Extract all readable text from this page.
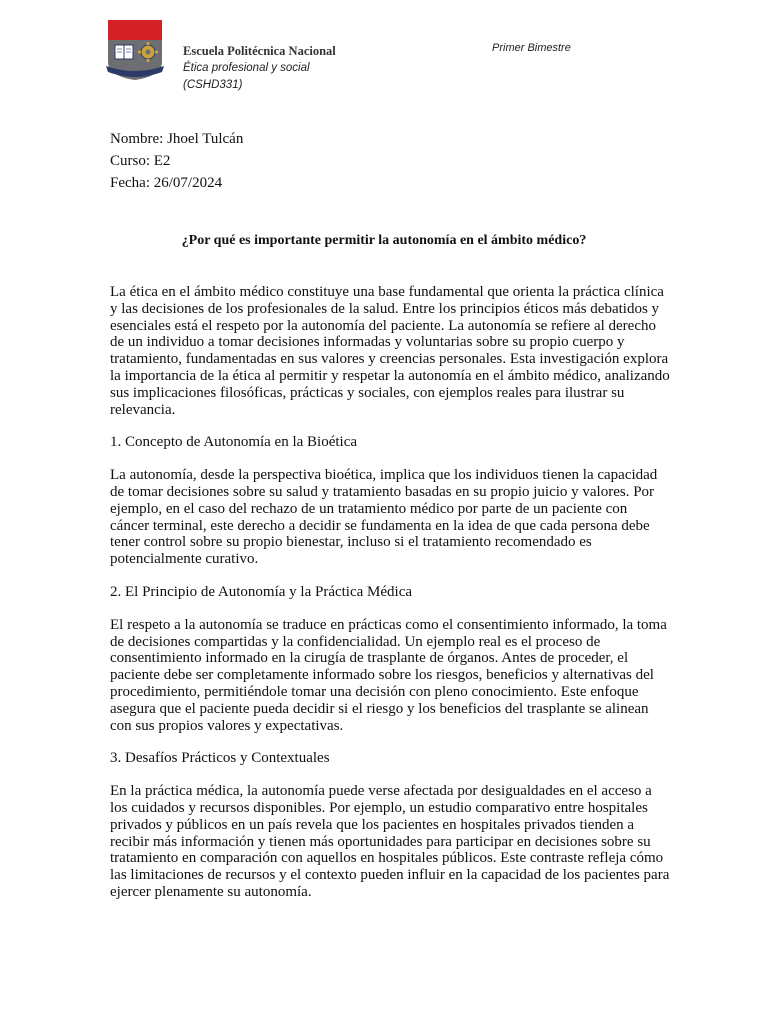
Escuela Politécnica Nacional
Ética profesional y social
(CSHD331)
Primer Bimestre
Nombre: Jhoel Tulcán
Curso: E2
Fecha: 26/07/2024
¿Por qué es importante permitir la autonomía en el ámbito médico?

La ética en el ámbito médico constituye una base fundamental que orienta la práctica clínica y las decisiones de los profesionales de la salud. Entre los principios éticos más debatidos y esenciales está el respeto por la autonomía del paciente. La autonomía se refiere al derecho de un individuo a tomar decisiones informadas y voluntarias sobre su propio cuerpo y tratamiento, fundamentadas en sus valores y creencias personales. Esta investigación explora la importancia de la ética al permitir y respetar la autonomía en el ámbito médico, analizando sus implicaciones filosóficas, prácticas y sociales, con ejemplos reales para ilustrar su relevancia.

1. Concepto de Autonomía en la Bioética

La autonomía, desde la perspectiva bioética, implica que los individuos tienen la capacidad de tomar decisiones sobre su salud y tratamiento basadas en su propio juicio y valores. Por ejemplo, en el caso del rechazo de un tratamiento médico por parte de un paciente con cáncer terminal, este derecho a decidir se fundamenta en la idea de que cada persona debe tener control sobre su propio bienestar, incluso si el tratamiento recomendado es potencialmente curativo.

2. El Principio de Autonomía y la Práctica Médica

El respeto a la autonomía se traduce en prácticas como el consentimiento informado, la toma de decisiones compartidas y la confidencialidad. Un ejemplo real es el proceso de consentimiento informado en la cirugía de trasplante de órganos. Antes de proceder, el paciente debe ser completamente informado sobre los riesgos, beneficios y alternativas del procedimiento, permitiéndole tomar una decisión con pleno conocimiento. Este enfoque asegura que el paciente pueda decidir si el riesgo y los beneficios del trasplante se alinean con sus propios valores y expectativas.

3. Desafíos Prácticos y Contextuales

En la práctica médica, la autonomía puede verse afectada por desigualdades en el acceso a los cuidados y recursos disponibles. Por ejemplo, un estudio comparativo entre hospitales privados y públicos en un país revela que los pacientes en hospitales privados tienden a recibir más información y tienen más oportunidades para participar en decisiones sobre su tratamiento en comparación con aquellos en hospitales públicos. Este contraste refleja cómo las limitaciones de recursos y el contexto pueden influir en la capacidad de los pacientes para ejercer plenamente su autonomía.
